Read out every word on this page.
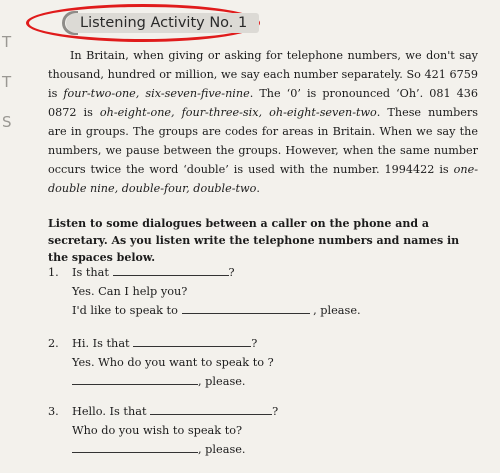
T
T
S
Listening Activity No. 1
In Britain, when giving or asking for telephone numbers, we don't say thousand, hundred or million, we say each number separately. So 421 6759 is four-two-one, six-seven-five-nine. The ‘0’ is pronounced ‘Oh’. 081 436 0872 is oh-eight-one, four-three-six, oh-eight-seven-two. These numbers are in groups. The groups are codes for areas in Britain. When we say the numbers, we pause between the groups. However, when the same number occurs twice the word ‘double’ is used with the number. 1994422 is one-double nine, double-four, double-two.
Listen to some dialogues between a caller on the phone and a secretary. As you listen write the telephone numbers and names in the spaces below.
1.	Is that	?
Yes. Can I help you?
I'd like to speak to	, please.
2.	Hi. Is that	?
Yes. Who do you want to speak to ?
, please.
3.	Hello. Is that	?
Who do you wish to speak to?
, please.
